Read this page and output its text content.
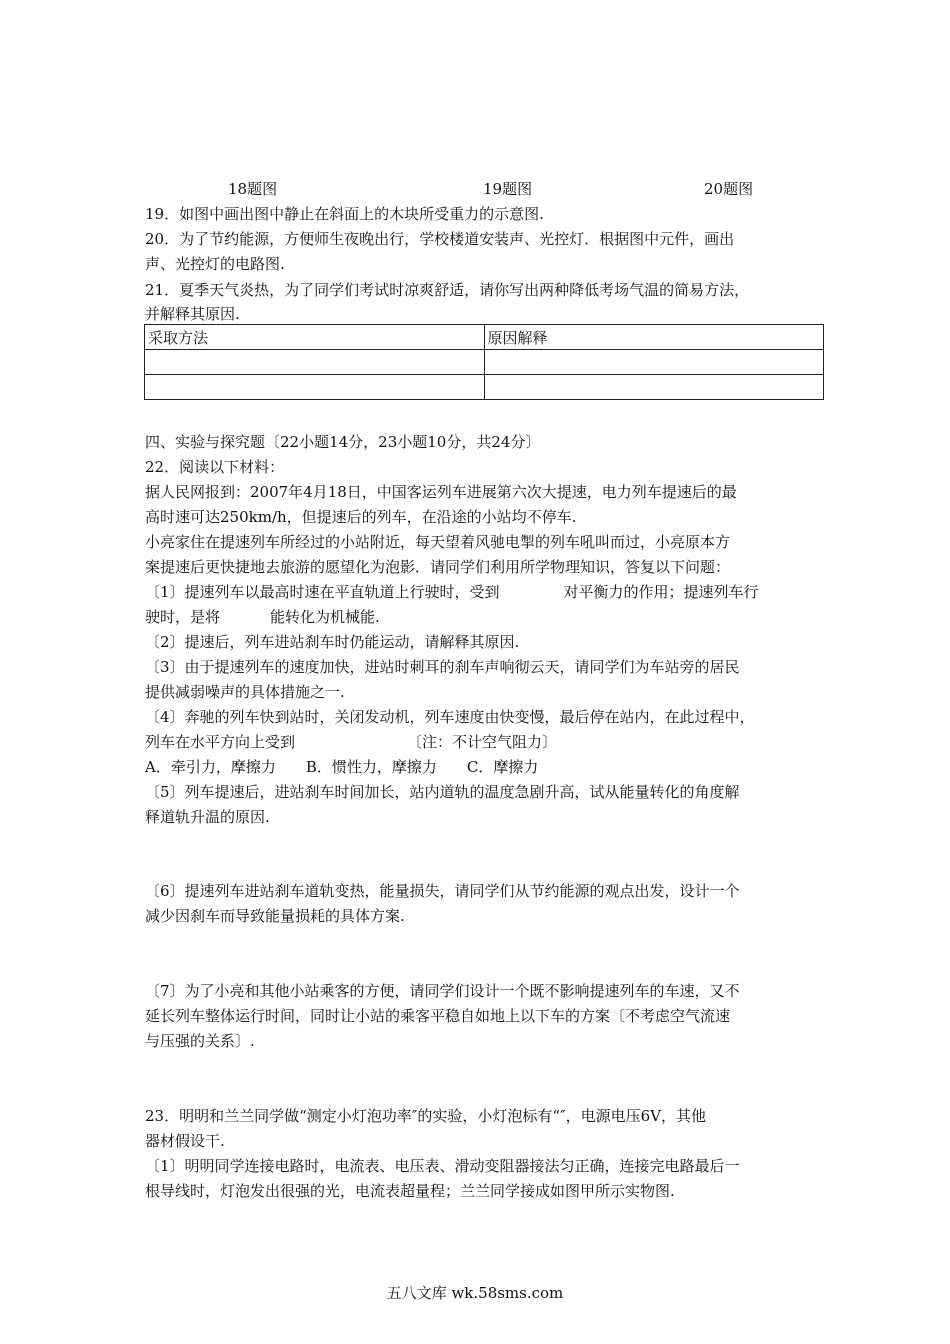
18题图	19题图	20题图
19．如图中画出图中静止在斜面上的木块所受重力的示意图.
20．为了节约能源，方便师生夜晚出行，学校楼道安装声、光控灯．根据图中元件，画出
声、光控灯的电路图.
21．夏季天气炎热，为了同学们考试时凉爽舒适，请你写出两种降低考场气温的简易方法，
并解释其原因.
采取方法	原因解释

四、实验与探究题〔22小题14分，23小题10分，共24分〕
22．阅读以下材料：
据人民网报到：2007年4月18日，中国客运列车进展第六次大提速，电力列车提速后的最
高时速可达250km/h，但提速后的列车，在沿途的小站均不停车.
小亮家住在提速列车所经过的小站附近，每天望着风驰电掣的列车吼叫而过，小亮原本方
案提速后更快捷地去旅游的愿望化为泡影．请同学们利用所学物理知识，答复以下问题：
〔1〕提速列车以最高时速在平直轨道上行驶时，受到	对平衡力的作用；提速列车行
驶时，是将	能转化为机械能.
〔2〕提速后，列车进站刹车时仍能运动，请解释其原因.
〔3〕由于提速列车的速度加快，进站时刺耳的刹车声响彻云天，请同学们为车站旁的居民
提供减弱噪声的具体措施之一.
〔4〕奔驰的列车快到站时，关闭发动机，列车速度由快变慢，最后停在站内，在此过程中，
列车在水平方向上受到	〔注：不计空气阻力〕
A．牵引力，摩擦力 B．惯性力，摩擦力 C．摩擦力
〔5〕列车提速后，进站刹车时间加长，站内道轨的温度急剧升高，试从能量转化的角度解
释道轨升温的原因.
〔6〕提速列车进站刹车道轨变热，能量损失，请同学们从节约能源的观点出发，设计一个
减少因刹车而导致能量损耗的具体方案.
〔7〕为了小亮和其他小站乘客的方便，请同学们设计一个既不影响提速列车的车速，又不
延长列车整体运行时间，同时让小站的乘客平稳自如地上以下车的方案〔不考虑空气流速
与压强的关系〕.
23．明明和兰兰同学做“测定小灯泡功率″的实验，小灯泡标有“″，电源电压6V，其他
器材假设干.
〔1〕明明同学连接电路时，电流表、电压表、滑动变阻器接法匀正确，连接完电路最后一
根导线时，灯泡发出很强的光，电流表超量程；兰兰同学接成如图甲所示实物图.
五八文库 wk.58sms.com
